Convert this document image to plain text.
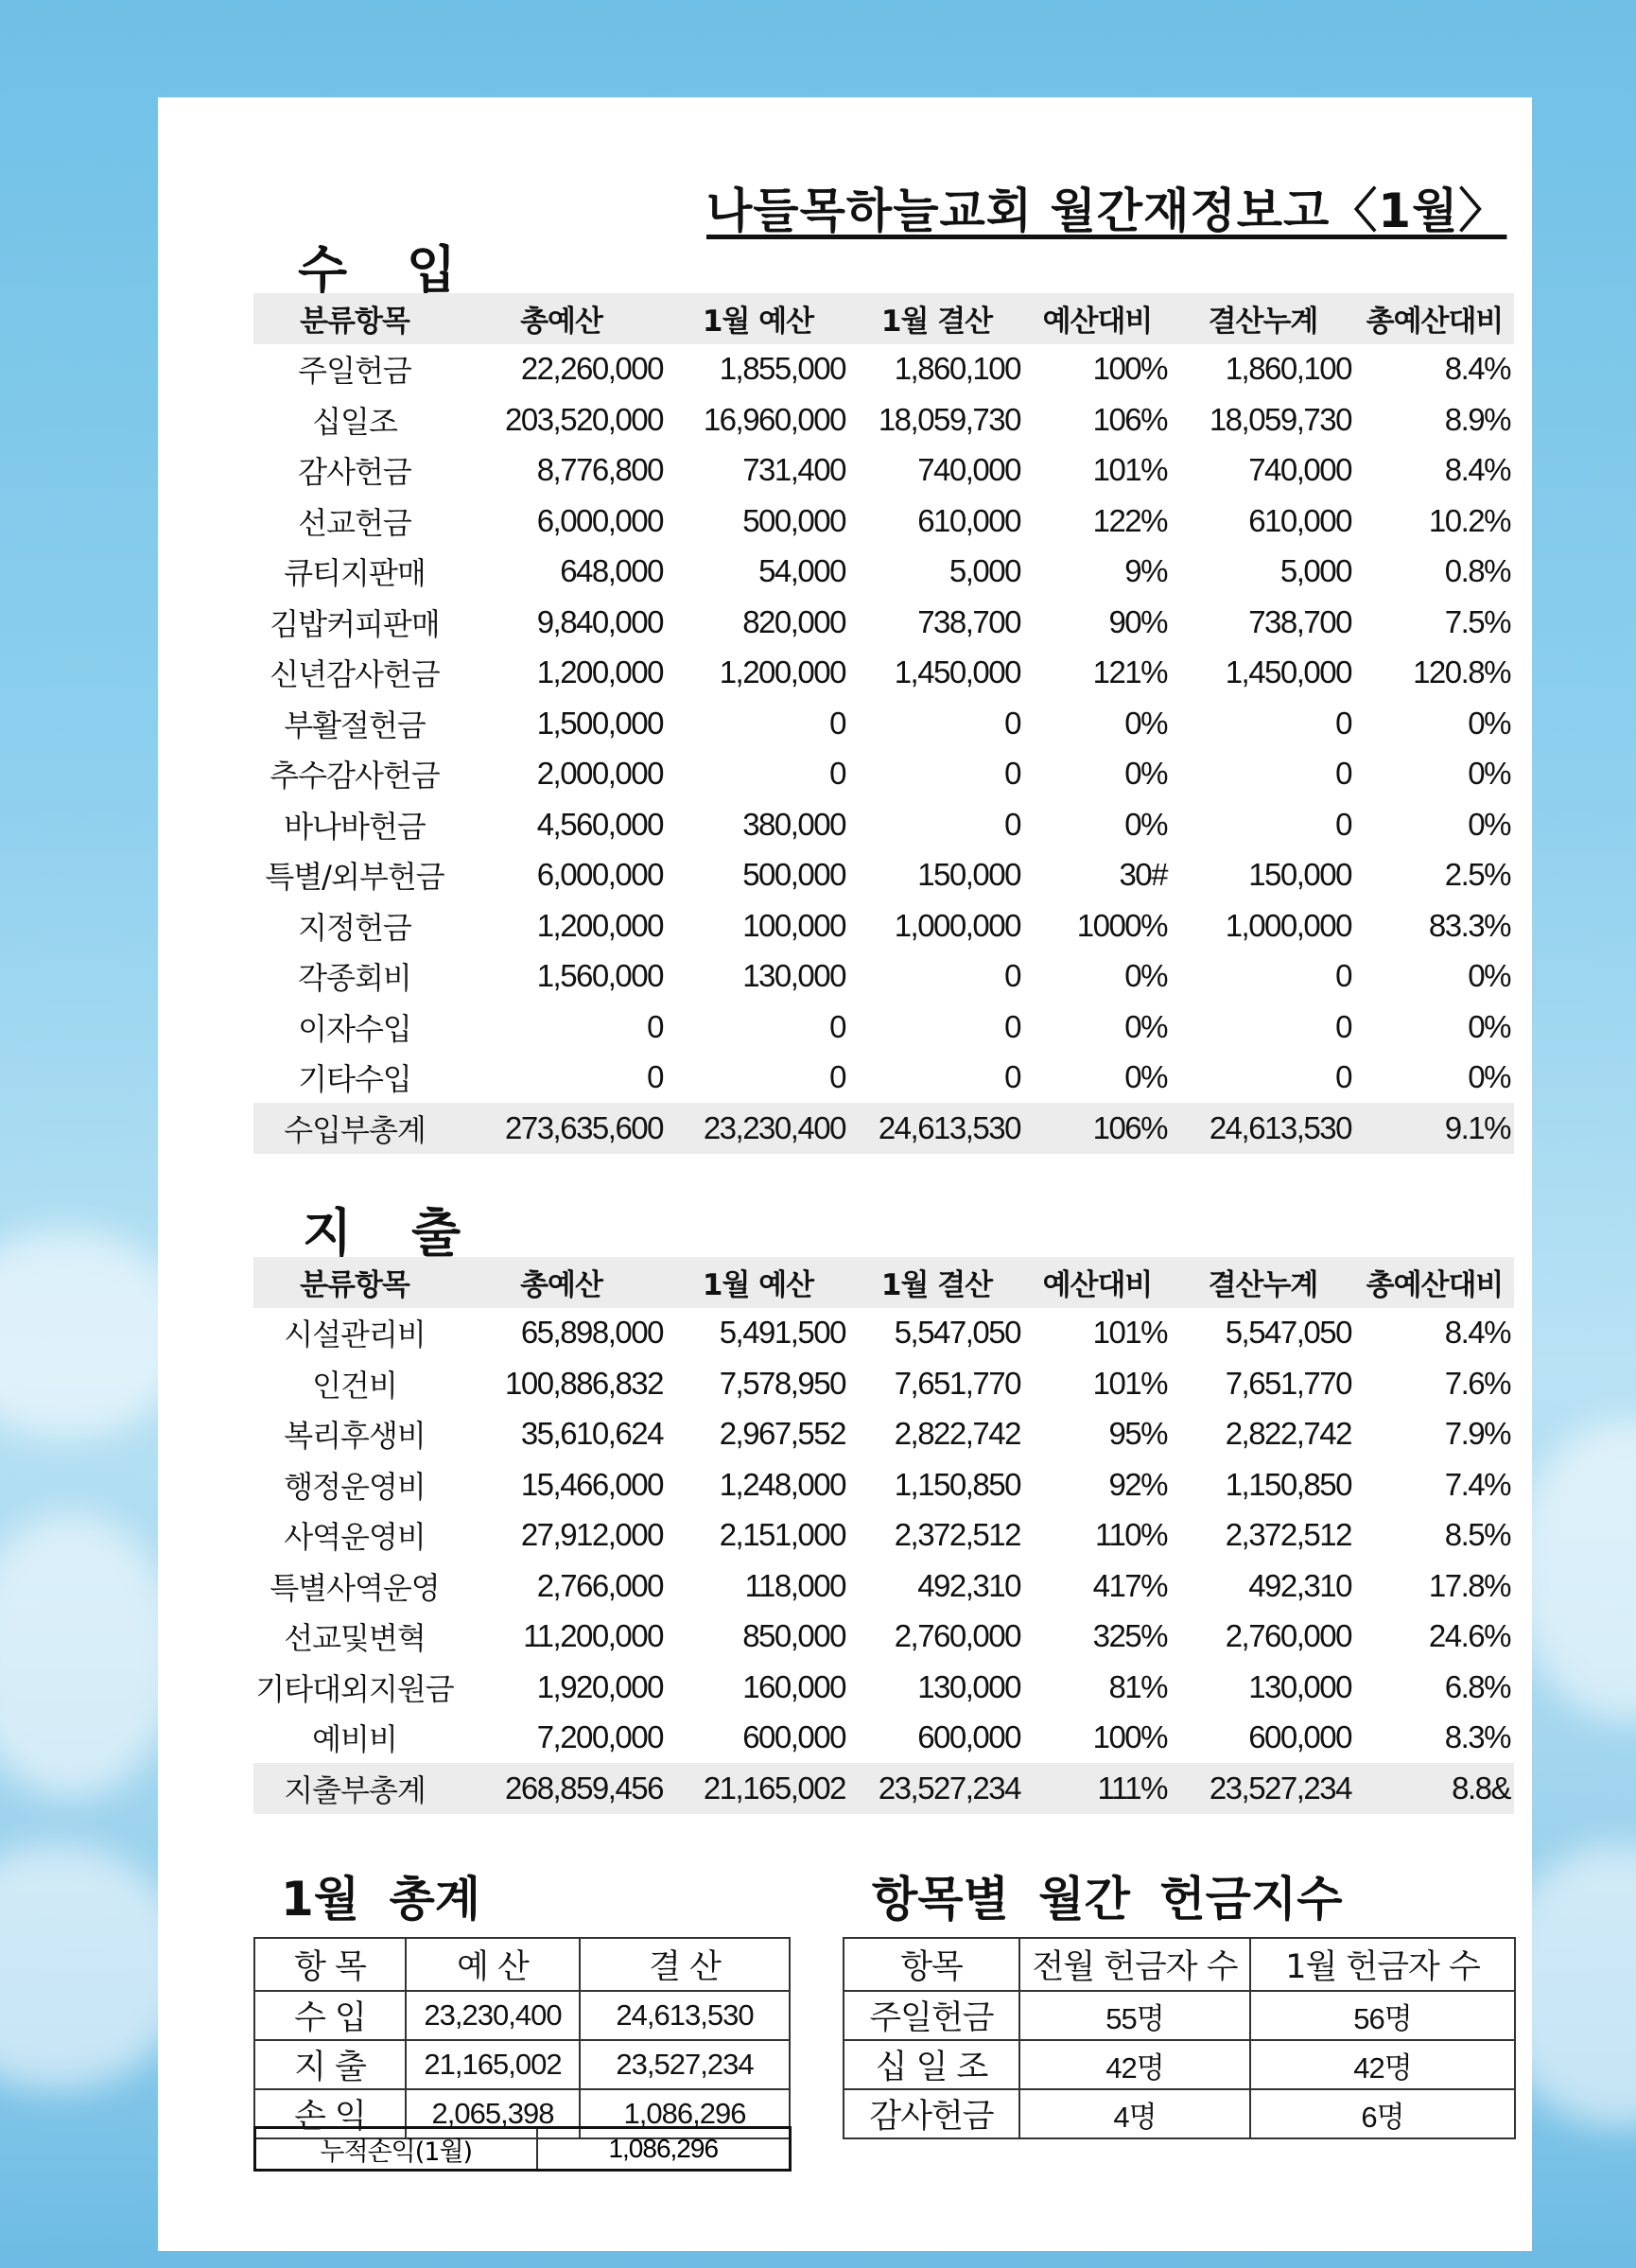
나들목하늘교회 월간재정보고〈1월〉
수 입
분류항목	총예산	1월 예산	1월 결산	예산대비	결산누계	총예산대비
주일헌금	22,260,000	1,855,000	1,860,100	100%	1,860,100	8.4%
십일조	203,520,000	16,960,000	18,059,730	106%	18,059,730	8.9%
감사헌금	8,776,800	731,400	740,000	101%	740,000	8.4%
선교헌금	6,000,000	500,000	610,000	122%	610,000	10.2%
큐티지판매	648,000	54,000	5,000	9%	5,000	0.8%
김밥커피판매	9,840,000	820,000	738,700	90%	738,700	7.5%
신년감사헌금	1,200,000	1,200,000	1,450,000	121%	1,450,000	120.8%
부활절헌금	1,500,000	0	0	0%	0	0%
추수감사헌금	2,000,000	0	0	0%	0	0%
바나바헌금	4,560,000	380,000	0	0%	0	0%
특별/외부헌금	6,000,000	500,000	150,000	30#	150,000	2.5%
지정헌금	1,200,000	100,000	1,000,000	1000%	1,000,000	83.3%
각종회비	1,560,000	130,000	0	0%	0	0%
이자수입	0	0	0	0%	0	0%
기타수입	0	0	0	0%	0	0%
수입부총계	273,635,600	23,230,400	24,613,530	106%	24,613,530	9.1%
지 출
분류항목	총예산	1월 예산	1월 결산	예산대비	결산누계	총예산대비
시설관리비	65,898,000	5,491,500	5,547,050	101%	5,547,050	8.4%
인건비	100,886,832	7,578,950	7,651,770	101%	7,651,770	7.6%
복리후생비	35,610,624	2,967,552	2,822,742	95%	2,822,742	7.9%
행정운영비	15,466,000	1,248,000	1,150,850	92%	1,150,850	7.4%
사역운영비	27,912,000	2,151,000	2,372,512	110%	2,372,512	8.5%
특별사역운영	2,766,000	118,000	492,310	417%	492,310	17.8%
선교및변혁	11,200,000	850,000	2,760,000	325%	2,760,000	24.6%
기타대외지원금	1,920,000	160,000	130,000	81%	130,000	6.8%
예비비	7,200,000	600,000	600,000	100%	600,000	8.3%
지출부총계	268,859,456	21,165,002	23,527,234	111%	23,527,234	8.8&
1월 총계
항 목	예 산	결 산
수 입	23,230,400	24,613,530
지 출	21,165,002	23,527,234
손 익	2,065,398	1,086,296
누적손익(1월)	1,086,296
항목별 월간 헌금지수
항목	전월 헌금자 수	1월 헌금자 수
주일헌금	55명	56명
십 일 조	42명	42명
감사헌금	4명	6명
